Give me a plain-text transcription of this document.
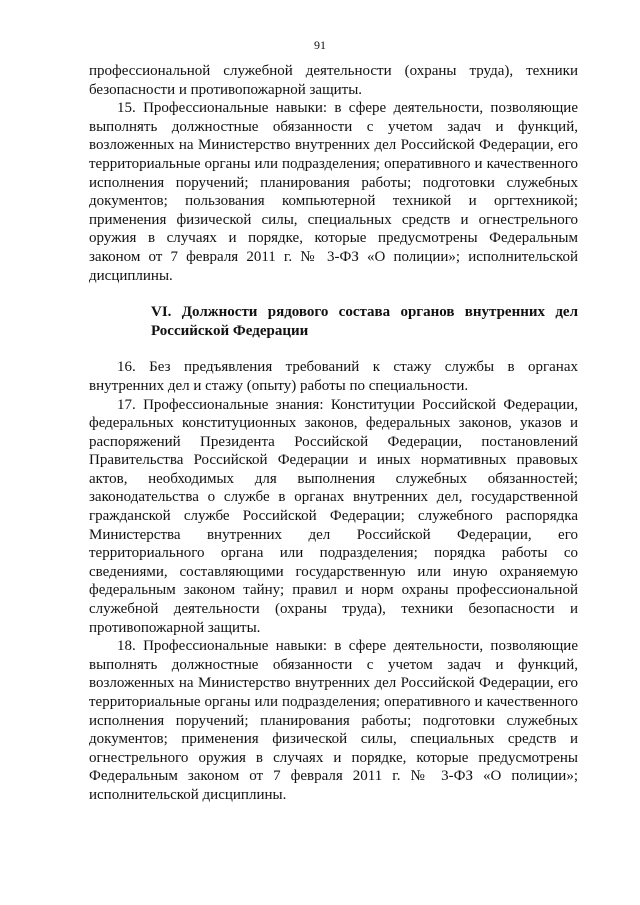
91

профессиональной служебной деятельности (охраны труда), техники безопасности и противопожарной защиты.

15. Профессиональные навыки: в сфере деятельности, позволяющие выполнять должностные обязанности с учетом задач и функций, возложенных на Министерство внутренних дел Российской Федерации, его территориальные органы или подразделения; оперативного и качественного исполнения поручений; планирования работы; подготовки служебных документов; пользования компьютерной техникой и оргтехникой; применения физической силы, специальных средств и огнестрельного оружия в случаях и порядке, которые предусмотрены Федеральным законом от 7 февраля 2011 г. № 3-ФЗ «О полиции»; исполнительской дисциплины.

VI. Должности рядового состава органов внутренних дел Российской Федерации

16. Без предъявления требований к стажу службы в органах внутренних дел и стажу (опыту) работы по специальности.

17. Профессиональные знания: Конституции Российской Федерации, федеральных конституционных законов, федеральных законов, указов и распоряжений Президента Российской Федерации, постановлений Правительства Российской Федерации и иных нормативных правовых актов, необходимых для выполнения служебных обязанностей; законодательства о службе в органах внутренних дел, государственной гражданской службе Российской Федерации; служебного распорядка Министерства внутренних дел Российской Федерации, его территориального органа или подразделения; порядка работы со сведениями, составляющими государственную или иную охраняемую федеральным законом тайну; правил и норм охраны профессиональной служебной деятельности (охраны труда), техники безопасности и противопожарной защиты.

18. Профессиональные навыки: в сфере деятельности, позволяющие выполнять должностные обязанности с учетом задач и функций, возложенных на Министерство внутренних дел Российской Федерации, его территориальные органы или подразделения; оперативного и качественного исполнения поручений; планирования работы; подготовки служебных документов; применения физической силы, специальных средств и огнестрельного оружия в случаях и порядке, которые предусмотрены Федеральным законом от 7 февраля 2011 г. № 3-ФЗ «О полиции»; исполнительской дисциплины.
